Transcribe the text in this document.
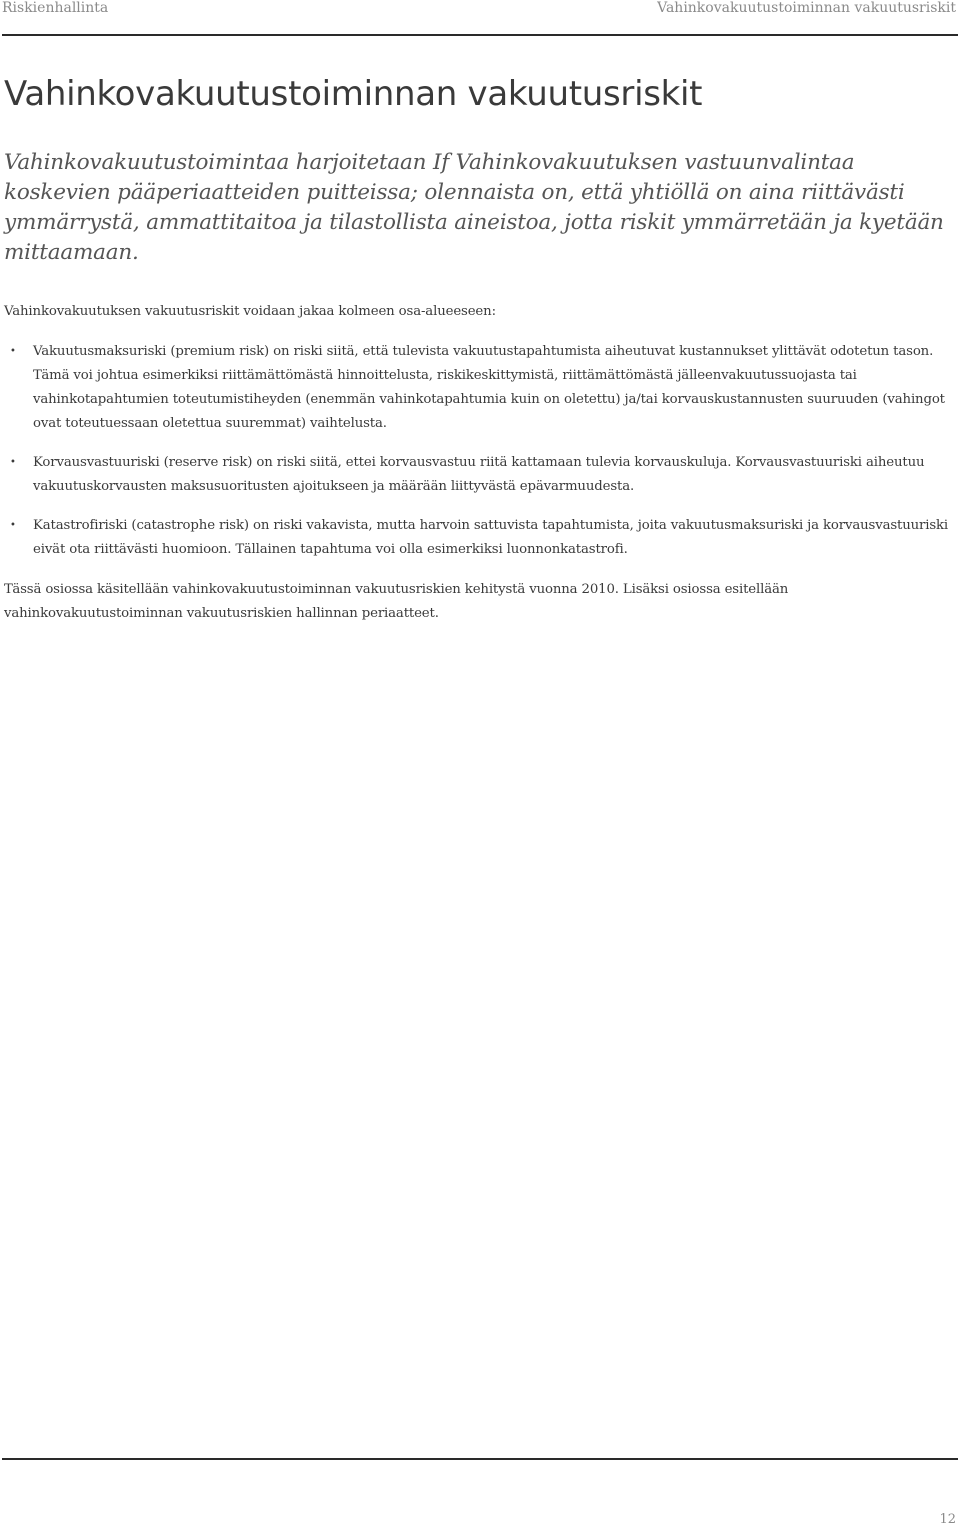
Riskienhallinta	Vahinkovakuutustoiminnan vakuutusriskit
Vahinkovakuutustoiminnan vakuutusriskit

Vahinkovakuutustoimintaa harjoitetaan If Vahinkovakuutuksen vastuunvalintaa koskevien pääperiaatteiden puitteissa; olennaista on, että yhtiöllä on aina riittävästi ymmärrystä, ammattitaitoa ja tilastollista aineistoa, jotta riskit ymmärretään ja kyetään mittaamaan.

Vahinkovakuutuksen vakuutusriskit voidaan jakaa kolmeen osa-alueeseen:

• Vakuutusmaksuriski (premium risk) on riski siitä, että tulevista vakuutustapahtumista aiheutuvat kustannukset ylittävät odotetun tason. Tämä voi johtua esimerkiksi riittämättömästä hinnoittelusta, riskikeskittymistä, riittämättömästä jälleenvakuutussuojasta tai vahinkotapahtumien toteutumistiheyden (enemmän vahinkotapahtumia kuin on oletettu) ja/tai korvauskustannusten suuruuden (vahingot ovat toteutuessaan oletettua suuremmat) vaihtelusta.
• Korvausvastuuriski (reserve risk) on riski siitä, ettei korvausvastuu riitä kattamaan tulevia korvauskuluja. Korvausvastuuriski aiheutuu vakuutuskorvausten maksusuoritusten ajoitukseen ja määrään liittyvästä epävarmuudesta.
• Katastrofiriski (catastrophe risk) on riski vakavista, mutta harvoin sattuvista tapahtumista, joita vakuutusmaksuriski ja korvausvastuuriski eivät ota riittävästi huomioon. Tällainen tapahtuma voi olla esimerkiksi luonnonkatastrofi.

Tässä osiossa käsitellään vahinkovakuutustoiminnan vakuutusriskien kehitystä vuonna 2010. Lisäksi osiossa esitellään vahinkovakuutustoiminnan vakuutusriskien hallinnan periaatteet.

12
